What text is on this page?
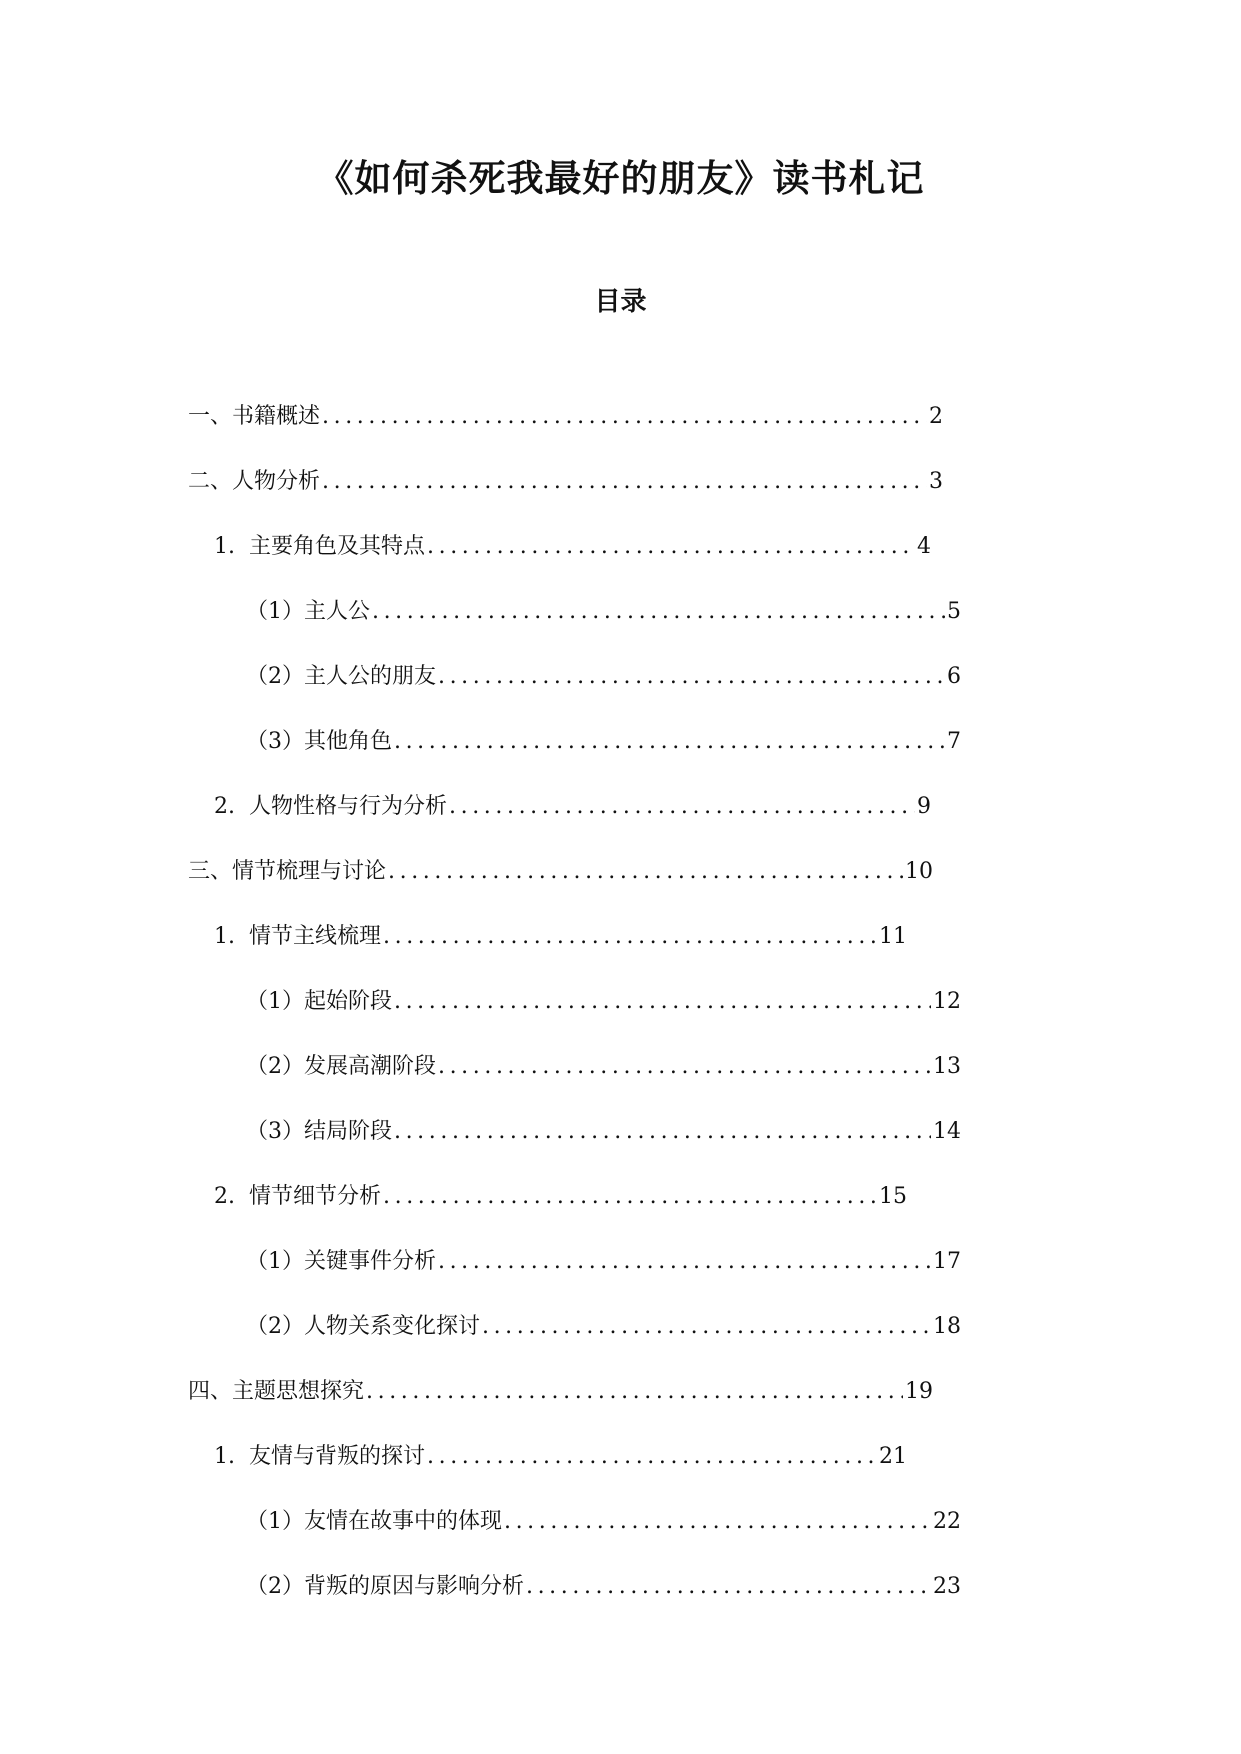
《如何杀死我最好的朋友》读书札记
目录
一、书籍概述 .....	2
二、人物分析 .....	3
1. 主要角色及其特点 .....	4
（1）主人公 .....	5
（2）主人公的朋友 .....	6
（3）其他角色 .....	7
2. 人物性格与行为分析 .....	9
三、情节梳理与讨论 .....	10
1. 情节主线梳理 .....	11
（1）起始阶段 .....	12
（2）发展高潮阶段 .....	13
（3）结局阶段 .....	14
2. 情节细节分析 .....	15
（1）关键事件分析 .....	17
（2）人物关系变化探讨 .....	18
四、主题思想探究 .....	19
1. 友情与背叛的探讨 .....	21
（1）友情在故事中的体现 .....	22
（2）背叛的原因与影响分析 .....	23
